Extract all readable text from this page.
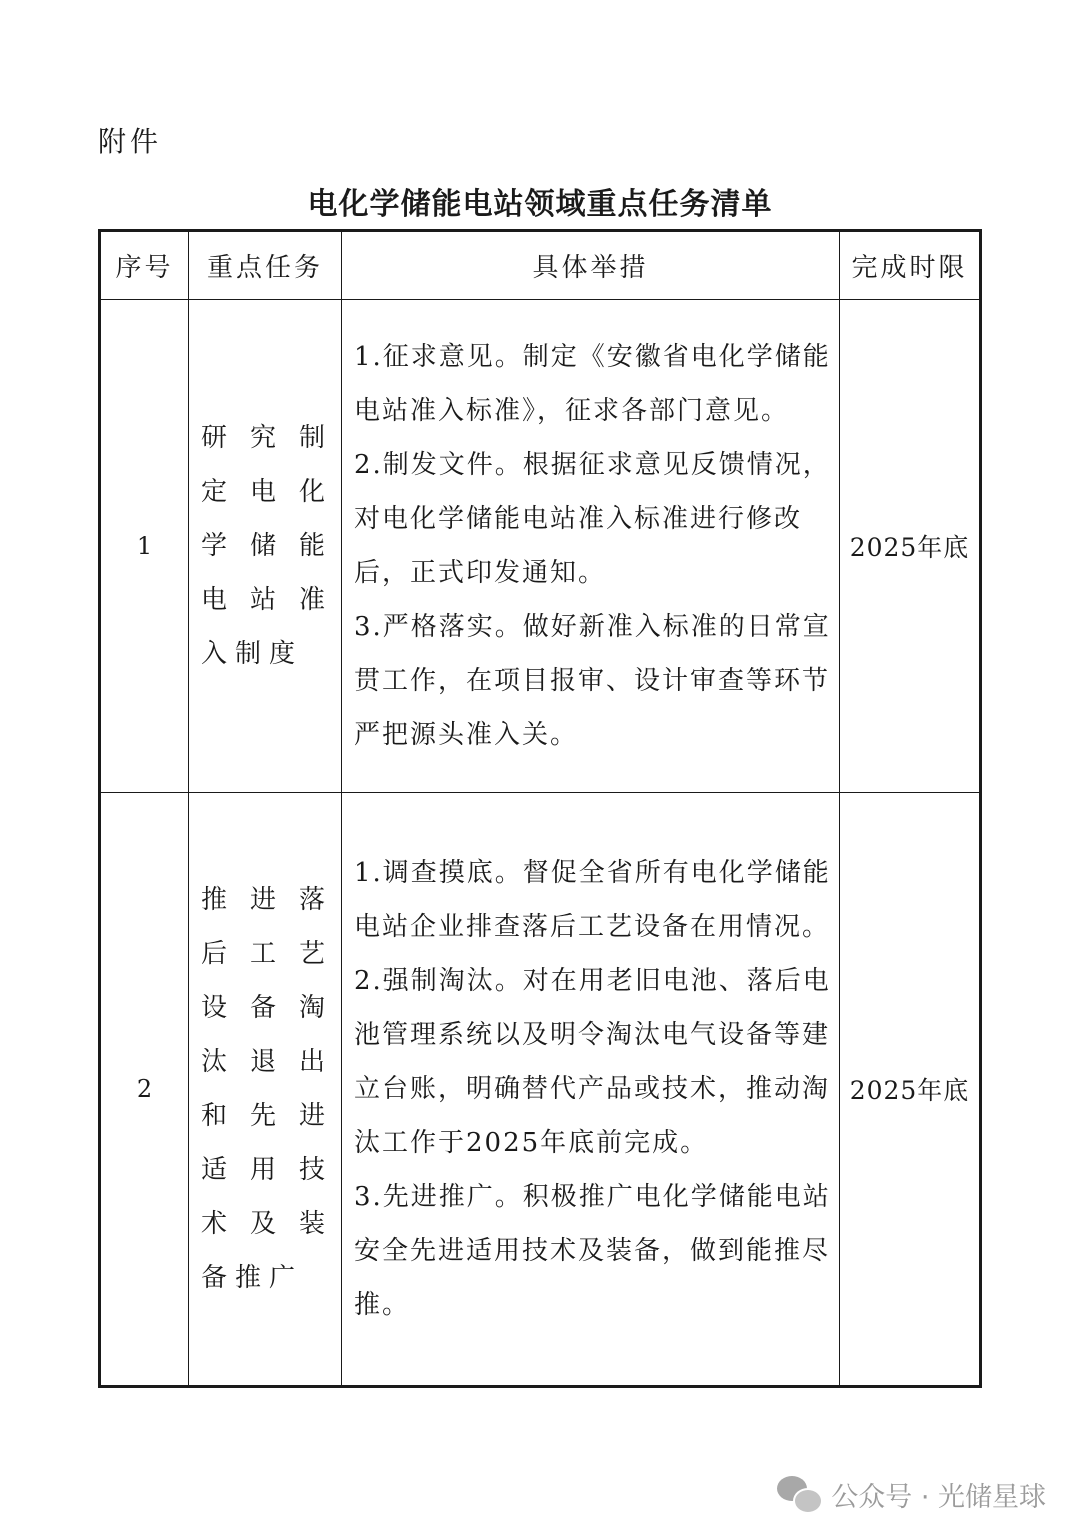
附件
电化学储能电站领域重点任务清单
序号	重点任务	具体举措	完成时限
1	研究制定电化学储能电站准入制度	1.征求意见。制定《安徽省电化学储能电站准入标准》，征求各部门意见。
2.制发文件。根据征求意见反馈情况，对电化学储能电站准入标准进行修改后，正式印发通知。
3.严格落实。做好新准入标准的日常宣贯工作，在项目报审、设计审查等环节严把源头准入关。	2025年底
2	推进落后工艺设备淘汰退出和先进适用技术及装备推广	1.调查摸底。督促全省所有电化学储能电站企业排查落后工艺设备在用情况。
2.强制淘汰。对在用老旧电池、落后电池管理系统以及明令淘汰电气设备等建立台账，明确替代产品或技术，推动淘汰工作于2025年底前完成。
3.先进推广。积极推广电化学储能电站安全先进适用技术及装备，做到能推尽推。	2025年底
公众号 · 光储星球
